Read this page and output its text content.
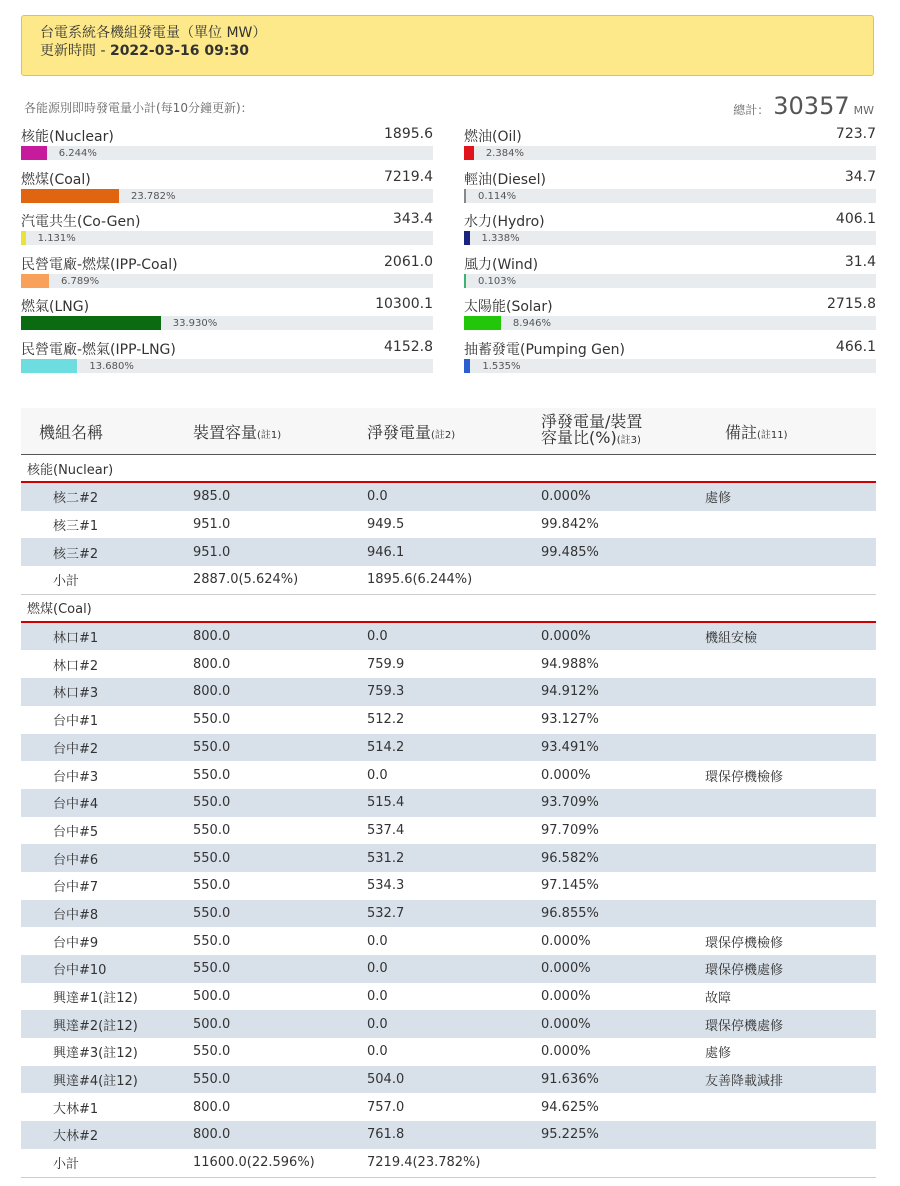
台電系統各機組發電量（單位 MW）
更新時間 - 2022-03-16 09:30
各能源別即時發電量小計(每10分鐘更新)：	總計： 30357 MW
核能(Nuclear)	1895.6
6.244%
燃煤(Coal)	7219.4
23.782%
汽電共生(Co-Gen)	343.4
1.131%
民營電廠-燃煤(IPP-Coal)	2061.0
6.789%
燃氣(LNG)	10300.1
33.930%
民營電廠-燃氣(IPP-LNG)	4152.8
13.680%
燃油(Oil)	723.7
2.384%
輕油(Diesel)	34.7
0.114%
水力(Hydro)	406.1
1.338%
風力(Wind)	31.4
0.103%
太陽能(Solar)	2715.8
8.946%
抽蓄發電(Pumping Gen)	466.1
1.535%
機組名稱	裝置容量(註1)	淨發電量(註2)	淨發電量/裝置
容量比(%)(註3)	備註(註11)
核能(Nuclear)				
核二#2	985.0	0.0	0.000%	處修
核三#1	951.0	949.5	99.842%	
核三#2	951.0	946.1	99.485%	
小計	2887.0(5.624%)	1895.6(6.244%)		
燃煤(Coal)				
林口#1	800.0	0.0	0.000%	機組安檢
林口#2	800.0	759.9	94.988%	
林口#3	800.0	759.3	94.912%	
台中#1	550.0	512.2	93.127%	
台中#2	550.0	514.2	93.491%	
台中#3	550.0	0.0	0.000%	環保停機檢修
台中#4	550.0	515.4	93.709%	
台中#5	550.0	537.4	97.709%	
台中#6	550.0	531.2	96.582%	
台中#7	550.0	534.3	97.145%	
台中#8	550.0	532.7	96.855%	
台中#9	550.0	0.0	0.000%	環保停機檢修
台中#10	550.0	0.0	0.000%	環保停機處修
興達#1(註12)	500.0	0.0	0.000%	故障
興達#2(註12)	500.0	0.0	0.000%	環保停機處修
興達#3(註12)	550.0	0.0	0.000%	處修
興達#4(註12)	550.0	504.0	91.636%	友善降載減排
大林#1	800.0	757.0	94.625%	
大林#2	800.0	761.8	95.225%	
小計	11600.0(22.596%)	7219.4(23.782%)		
